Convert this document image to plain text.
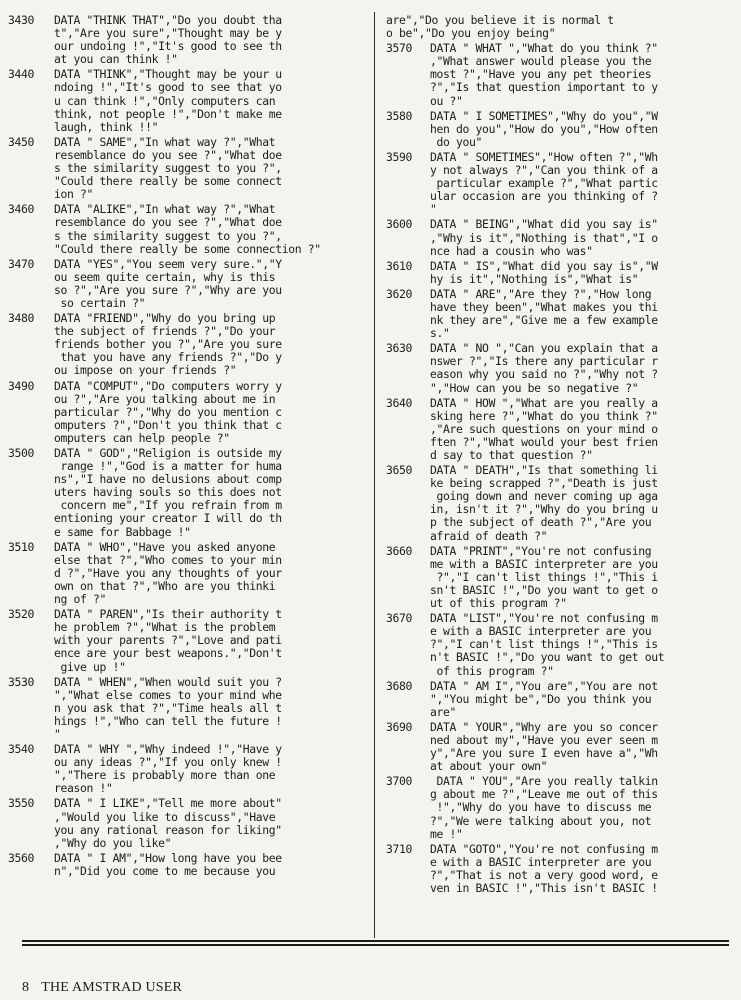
3430	DATA "THINK THAT","Do you doubt tha
t","Are you sure","Thought may be y
our undoing !","It's good to see th
at you can think !"
3440	DATA "THINK","Thought may be your u
ndoing !","It's good to see that yo
u can think !","Only computers can
think, not people !","Don't make me
laugh, think !!"
3450	DATA " SAME","In what way ?","What
resemblance do you see ?","What doe
s the similarity suggest to you ?",
"Could there really be some connect
ion ?"
3460	DATA "ALIKE","In what way ?","What
resemblance do you see ?","What doe
s the similarity suggest to you ?",
"Could there really be some connection ?"
3470	DATA "YES","You seem very sure.","Y
ou seem quite certain, why is this
so ?","Are you sure ?","Why are you
so certain ?"
3480	DATA "FRIEND","Why do you bring up
the subject of friends ?","Do your
friends bother you ?","Are you sure
that you have any friends ?","Do y
ou impose on your friends ?"
3490	DATA "COMPUT","Do computers worry y
ou ?","Are you talking about me in
particular ?","Why do you mention c
omputers ?","Don't you think that c
omputers can help people ?"
3500	DATA " GOD","Religion is outside my
range !","God is a matter for huma
ns","I have no delusions about comp
uters having souls so this does not
concern me","If you refrain from m
entioning your creator I will do th
e same for Babbage !"
3510	DATA " WHO","Have you asked anyone
else that ?","Who comes to your min
d ?","Have you any thoughts of your
own on that ?","Who are you thinki
ng of ?"
3520	DATA " PAREN","Is their authority t
he problem ?","What is the problem
with your parents ?","Love and pati
ence are your best weapons.","Don't
give up !"
3530	DATA " WHEN","When would suit you ?
","What else comes to your mind whe
n you ask that ?","Time heals all t
hings !","Who can tell the future !
"
3540	DATA " WHY ","Why indeed !","Have y
ou any ideas ?","If you only knew !
","There is probably more than one
reason !"
3550	DATA " I LIKE","Tell me more about"
,"Would you like to discuss","Have
you any rational reason for liking"
,"Why do you like"
3560	DATA " I AM","How long have you bee
n","Did you come to me because you
are","Do you believe it is normal t
o be","Do you enjoy being"
3570	DATA " WHAT ","What do you think ?"
,"What answer would please you the
most ?","Have you any pet theories
?","Is that question important to y
ou ?"
3580	DATA " I SOMETIMES","Why do you","W
hen do you","How do you","How often
do you"
3590	DATA " SOMETIMES","How often ?","Wh
y not always ?","Can you think of a
particular example ?","What partic
ular occasion are you thinking of ?
"
3600	DATA " BEING","What did you say is"
,"Why is it","Nothing is that","I o
nce had a cousin who was"
3610	DATA " IS","What did you say is","W
hy is it","Nothing is","What is"
3620	DATA " ARE","Are they ?","How long
have they been","What makes you thi
nk they are","Give me a few example
s."
3630	DATA " NO ","Can you explain that a
nswer ?","Is there any particular r
eason why you said no ?","Why not ?
","How can you be so negative ?"
3640	DATA " HOW ","What are you really a
sking here ?","What do you think ?"
,"Are such questions on your mind o
ften ?","What would your best frien
d say to that question ?"
3650	DATA " DEATH","Is that something li
ke being scrapped ?","Death is just
going down and never coming up aga
in, isn't it ?","Why do you bring u
p the subject of death ?","Are you
afraid of death ?"
3660	DATA "PRINT","You're not confusing
me with a BASIC interpreter are you
?","I can't list things !","This i
sn't BASIC !","Do you want to get o
ut of this program ?"
3670	DATA "LIST","You're not confusing m
e with a BASIC interpreter are you
?","I can't list things !","This is
n't BASIC !","Do you want to get out
of this program ?"
3680	DATA " AM I","You are","You are not
","You might be","Do you think you
are"
3690	DATA " YOUR","Why are you so concer
ned about my","Have you ever seen m
y","Are you sure I even have a","Wh
at about your own"
3700	DATA " YOU","Are you really talkin
g about me ?","Leave me out of this
!","Why do you have to discuss me
?","We were talking about you, not
me !"
3710	DATA "GOTO","You're not confusing m
e with a BASIC interpreter are you
?","That is not a very good word, e
ven in BASIC !","This isn't BASIC !
8 THE AMSTRAD USER
